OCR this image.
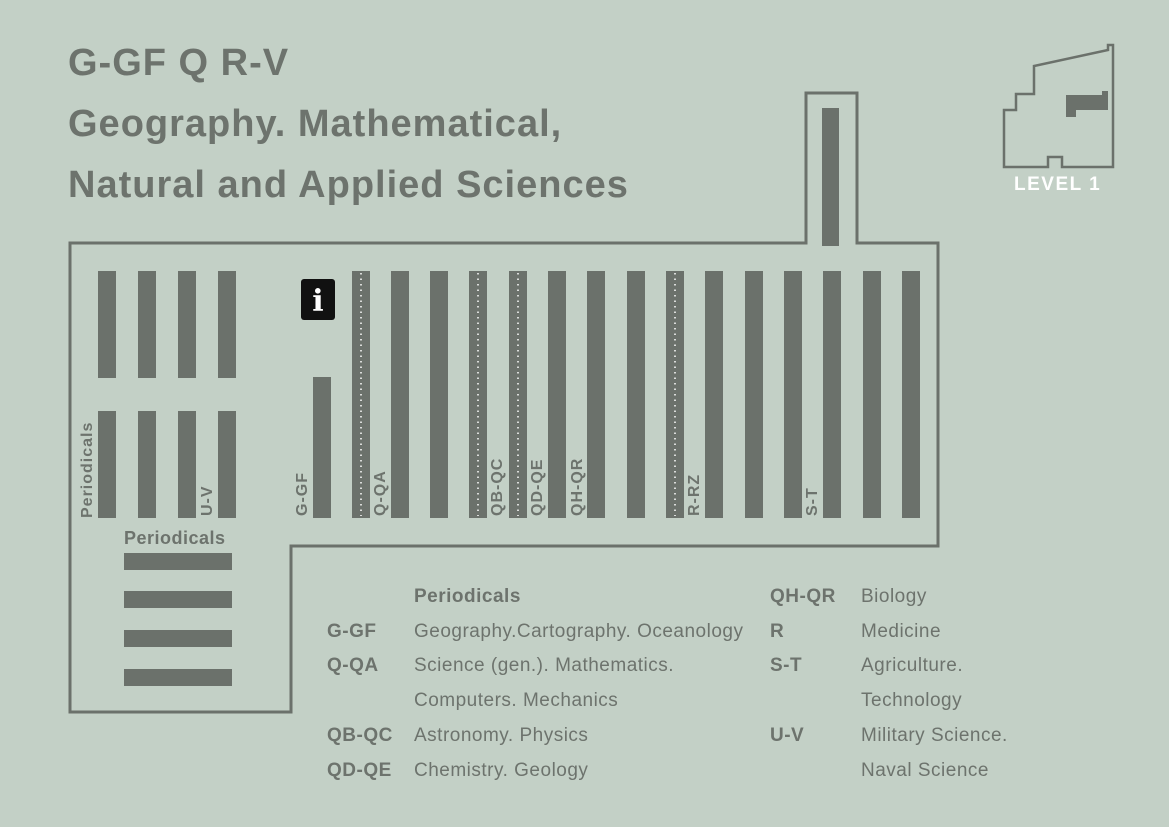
G-GF Q R-V
Geography. Mathematical,
Natural and Applied Sciences
i
Periodicals	U-V	G-GF	Q-QA	QB-QC QD-QE QH-QR	R-RZ	S-T
LEVEL 1
Periodicals
Periodicals
G-GF Geography.Cartography. Oceanology
Q-QA Science (gen.). Mathematics.
Computers. Mechanics
QB-QC Astronomy. Physics
QD-QE Chemistry. Geology
QH-QR Biology
R	Medicine
S-T	Agriculture.
Technology
U-V	Military Science.
Naval Science
